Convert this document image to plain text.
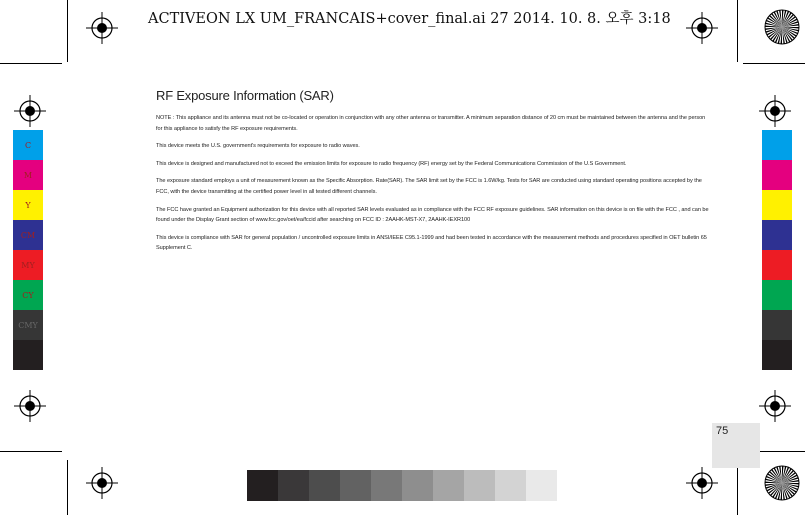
ACTIVEON LX UM_FRANCAIS+cover_final.ai 27 2014. 10. 8. 오후 3:18
C
M
Y
CM
MY
CY
CMY
RF Exposure Information (SAR)

NOTE : This appliance and its antenna must not be co-located or operation in conjunction with any other antenna or transmitter. A minimum separation distance of 20 cm must be maintained between the antenna and the person for this appliance to satisfy the RF exposure requirements.

This device meets the U.S. government's requirements for exposure to radio waves.

This device is designed and manufactured not to exceed the emission limits for exposure to radio frequency (RF) energy set by the Federal Communications Commission of the U.S Government.

The exposure standard employs a unit of measurement known as the Specific Absorption. Rate(SAR). The SAR limit set by the FCC is 1.6W/kg. Tests for SAR are conducted using standard operating positions accepted by the FCC, with the device transmitting at the certified power level in all tested different channels.

The FCC have granted an Equipment authorization for this device with all reported SAR levels evaluated as in compliance with the FCC RF exposure guidelines. SAR information on this device is on file with the FCC , and can be found under the Display Grant section of www.fcc.gov/oet/ea/fccid after searching on FCC ID : 2AAHK-MST-X7, 2AAHK-IEXR100

This device is compliance with SAR for general population / uncontrolled exposure limits in ANSI/IEEE C95.1-1999 and had been tested in accordance with the measurement methods and procedures specified in OET bulletin 65 Supplement C.

75
